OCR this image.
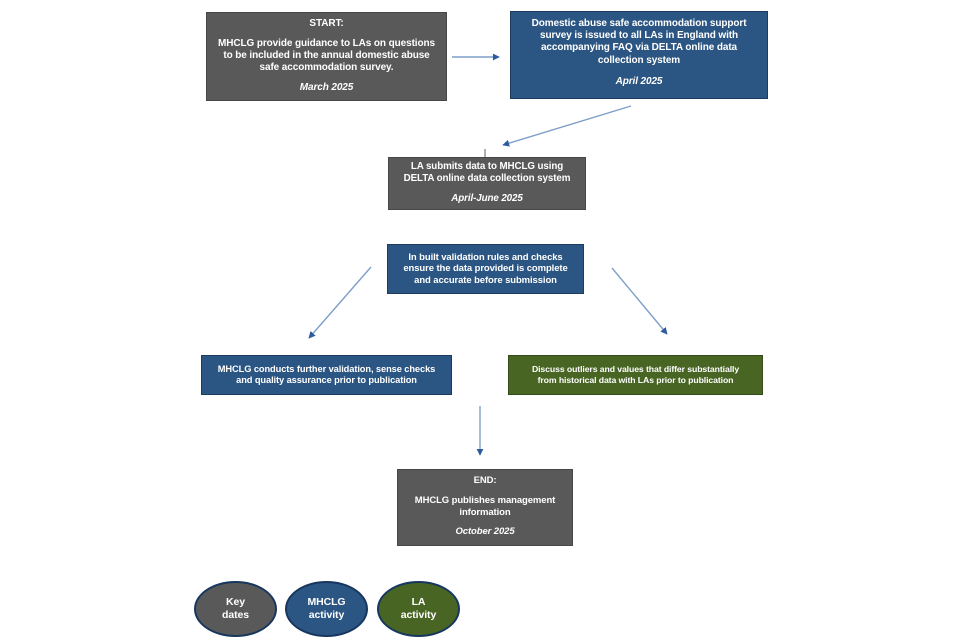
START:
MHCLG provide guidance to LAs on questions
to be included in the annual domestic abuse
safe accommodation survey.
March 2025
Domestic abuse safe accommodation support
survey is issued to all LAs in England with
accompanying FAQ via DELTA online data
collection system
April 2025
LA submits data to MHCLG using
DELTA online data collection system
April-June 2025
In built validation rules and checks
ensure the data provided is complete
and accurate before submission
MHCLG conducts further validation, sense checks
and quality assurance prior to publication
Discuss outliers and values that differ substantially
from historical data with LAs prior to publication
END:
MHCLG publishes management
information
October 2025
Key
dates
MHCLG
activity
LA
activity
